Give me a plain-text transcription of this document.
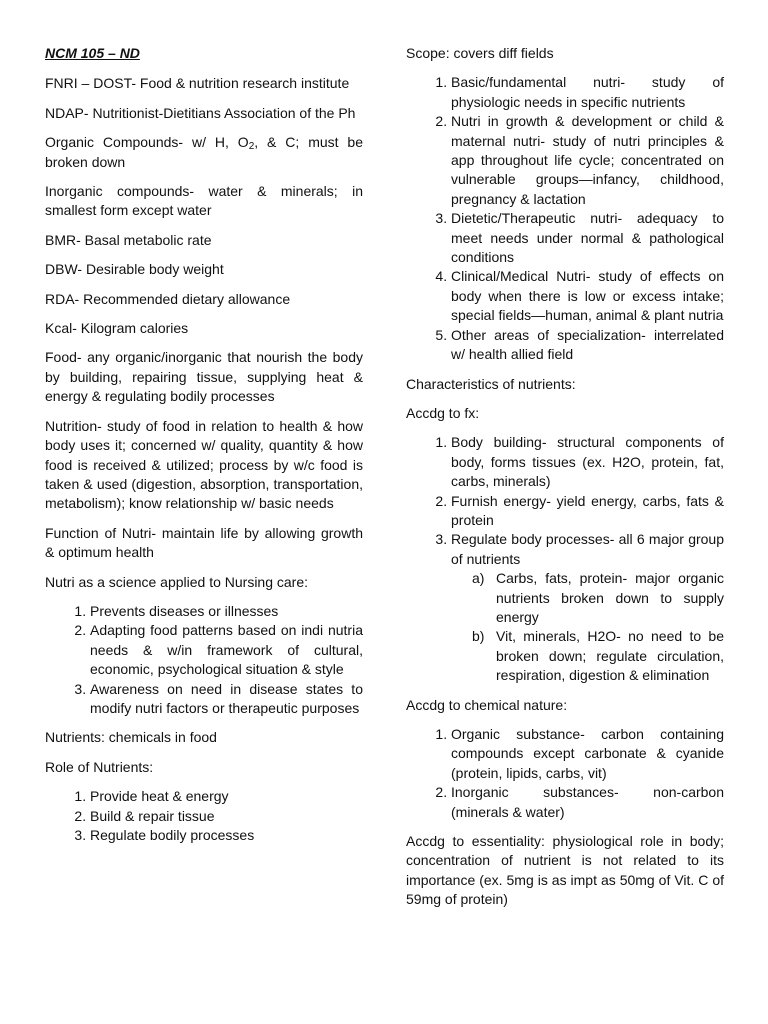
NCM 105 – ND

FNRI – DOST- Food & nutrition research institute

NDAP- Nutritionist-Dietitians Association of the Ph

Organic Compounds- w/ H, $O_2$, & C; must be broken down

Inorganic compounds- water & minerals; in smallest form except water

BMR- Basal metabolic rate

DBW- Desirable body weight

RDA- Recommended dietary allowance

Kcal- Kilogram calories

Food- any organic/inorganic that nourish the body by building, repairing tissue, supplying heat & energy & regulating bodily processes

Nutrition- study of food in relation to health & how body uses it; concerned w/ quality, quantity & how food is received & utilized; process by w/c food is taken & used (digestion, absorption, transportation, metabolism); know relationship w/ basic needs

Function of Nutri- maintain life by allowing growth & optimum health

Nutri as a science applied to Nursing care:

1. Prevents diseases or illnesses
2. Adapting food patterns based on indi nutria needs & w/in framework of cultural, economic, psychological situation & style
3. Awareness on need in disease states to modify nutri factors or therapeutic purposes

Nutrients: chemicals in food

Role of Nutrients:

1. Provide heat & energy
2. Build & repair tissue
3. Regulate bodily processes

Scope: covers diff fields

1. Basic/fundamental nutri- study of physiologic needs in specific nutrients
2. Nutri in growth & development or child & maternal nutri- study of nutri principles & app throughout life cycle; concentrated on vulnerable groups—infancy, childhood, pregnancy & lactation
3. Dietetic/Therapeutic nutri- adequacy to meet needs under normal & pathological conditions
4. Clinical/Medical Nutri- study of effects on body when there is low or excess intake; special fields—human, animal & plant nutria
5. Other areas of specialization- interrelated w/ health allied field

Characteristics of nutrients:

Accdg to fx:

1. Body building- structural components of body, forms tissues (ex. H2O, protein, fat, carbs, minerals)
2. Furnish energy- yield energy, carbs, fats & protein
3. Regulate body processes- all 6 major group of nutrients
a) Carbs, fats, protein- major organic nutrients broken down to supply energy
b) Vit, minerals, H2O- no need to be broken down; regulate circulation, respiration, digestion & elimination

Accdg to chemical nature:

1. Organic substance- carbon containing compounds except carbonate & cyanide (protein, lipids, carbs, vit)
2. Inorganic substances- non-carbon (minerals & water)

Accdg to essentiality: physiological role in body; concentration of nutrient is not related to its importance (ex. 5mg is as impt as 50mg of Vit. C of 59mg of protein)
